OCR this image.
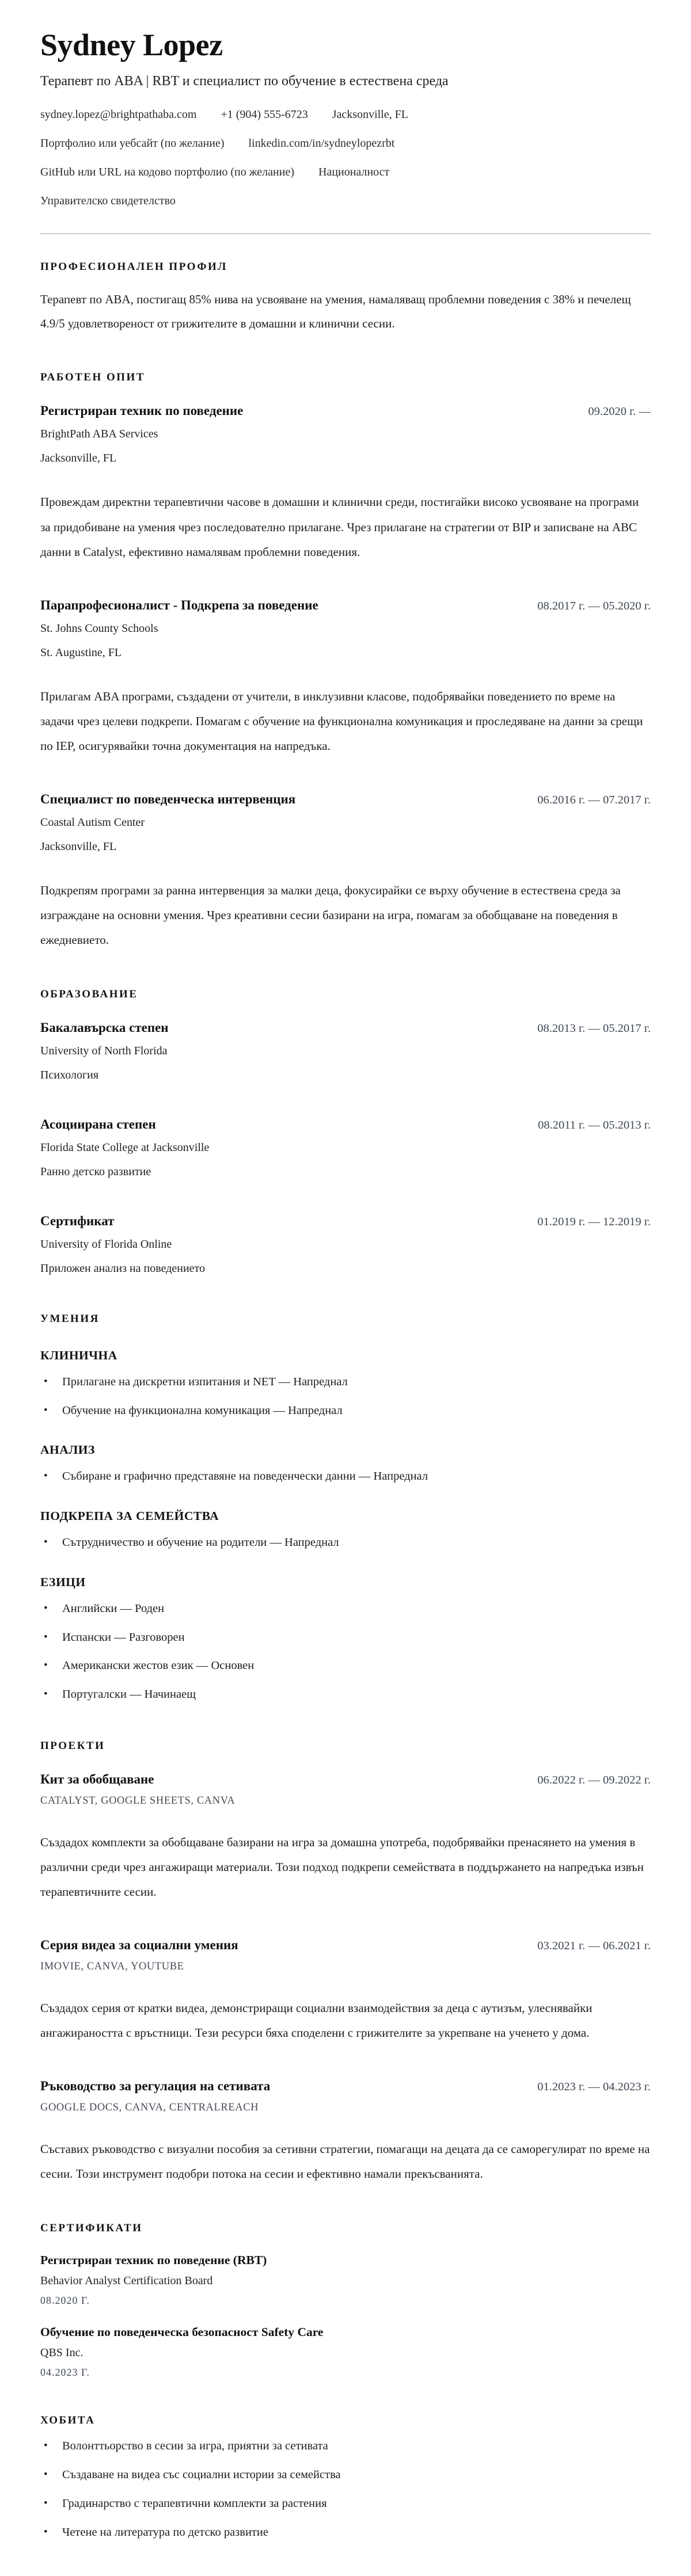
Sydney Lopez
Терапевт по ABA | RBT и специалист по обучение в естествена среда
sydney.lopez@brightpathaba.com +1 (904) 555-6723 Jacksonville, FL
Портфолио или уебсайт (по желание) linkedin.com/in/sydneylopezrbt
GitHub или URL на кодово портфолио (по желание) Националност
Управителско свидетелство
ПРОФЕСИОНАЛЕН ПРОФИЛ

Терапевт по ABA, постигащ 85% нива на усвояване на умения, намаляващ проблемни поведения с 38% и печелещ 4.9/5 удовлетвореност от грижителите в домашни и клинични сесии.

РАБОТЕН ОПИТ
Регистриран техник по поведение	09.2020 г. —
BrightPath ABA Services
Jacksonville, FL

Провеждам директни терапевтични часове в домашни и клинични среди, постигайки високо усвояване на програми за придобиване на умения чрез последователно прилагане. Чрез прилагане на стратегии от BIP и записване на ABC данни в Catalyst, ефективно намалявам проблемни поведения.

Парапрофесионалист - Подкрепа за поведение	08.2017 г. — 05.2020 г.
St. Johns County Schools
St. Augustine, FL

Прилагам ABA програми, създадени от учители, в инклузивни класове, подобрявайки поведението по време на задачи чрез целеви подкрепи. Помагам с обучение на функционална комуникация и проследяване на данни за срещи по IEP, осигурявайки точна документация на напредъка.

Специалист по поведенческа интервенция	06.2016 г. — 07.2017 г.
Coastal Autism Center
Jacksonville, FL

Подкрепям програми за ранна интервенция за малки деца, фокусирайки се върху обучение в естествена среда за изграждане на основни умения. Чрез креативни сесии базирани на игра, помагам за обобщаване на поведения в ежедневието.

ОБРАЗОВАНИЕ
Бакалавърска степен	08.2013 г. — 05.2017 г.
University of North Florida
Психология
Асоциирана степен	08.2011 г. — 05.2013 г.
Florida State College at Jacksonville
Ранно детско развитие
Сертификат	01.2019 г. — 12.2019 г.
University of Florida Online
Приложен анализ на поведението
УМЕНИЯ
КЛИНИЧНА
• Прилагане на дискретни изпитания и NET — Напреднал
• Обучение на функционална комуникация — Напреднал
АНАЛИЗ
• Събиране и графично представяне на поведенчески данни — Напреднал
ПОДКРЕПА ЗА СЕМЕЙСТВА
• Сътрудничество и обучение на родители — Напреднал
ЕЗИЦИ
• Английски — Роден
• Испански — Разговорен
• Американски жестов език — Основен
• Португалски — Начинаещ
ПРОЕКТИ
Кит за обобщаване	06.2022 г. — 09.2022 г.
CATALYST, GOOGLE SHEETS, CANVA

Създадох комплекти за обобщаване базирани на игра за домашна употреба, подобрявайки пренасянето на умения в различни среди чрез ангажиращи материали. Този подход подкрепи семействата в поддържането на напредъка извън терапевтичните сесии.

Серия видеа за социални умения	03.2021 г. — 06.2021 г.
IMOVIE, CANVA, YOUTUBE

Създадох серия от кратки видеа, демонстриращи социални взаимодействия за деца с аутизъм, улеснявайки ангажираността с връстници. Тези ресурси бяха споделени с грижителите за укрепване на ученето у дома.

Ръководство за регулация на сетивата	01.2023 г. — 04.2023 г.
GOOGLE DOCS, CANVA, CENTRALREACH

Съставих ръководство с визуални пособия за сетивни стратегии, помагащи на децата да се саморегулират по време на сесии. Този инструмент подобри потока на сесии и ефективно намали прекъсванията.

СЕРТИФИКАТИ
Регистриран техник по поведение (RBT)
Behavior Analyst Certification Board
08.2020 Г.
Обучение по поведенческа безопасност Safety Care
QBS Inc.
04.2023 Г.
ХОБИТА
• Волонттьорство в сесии за игра, приятни за сетивата
• Създаване на видеа със социални истории за семейства
• Градинарство с терапевтични комплекти за растения
• Четене на литература по детско развитие
